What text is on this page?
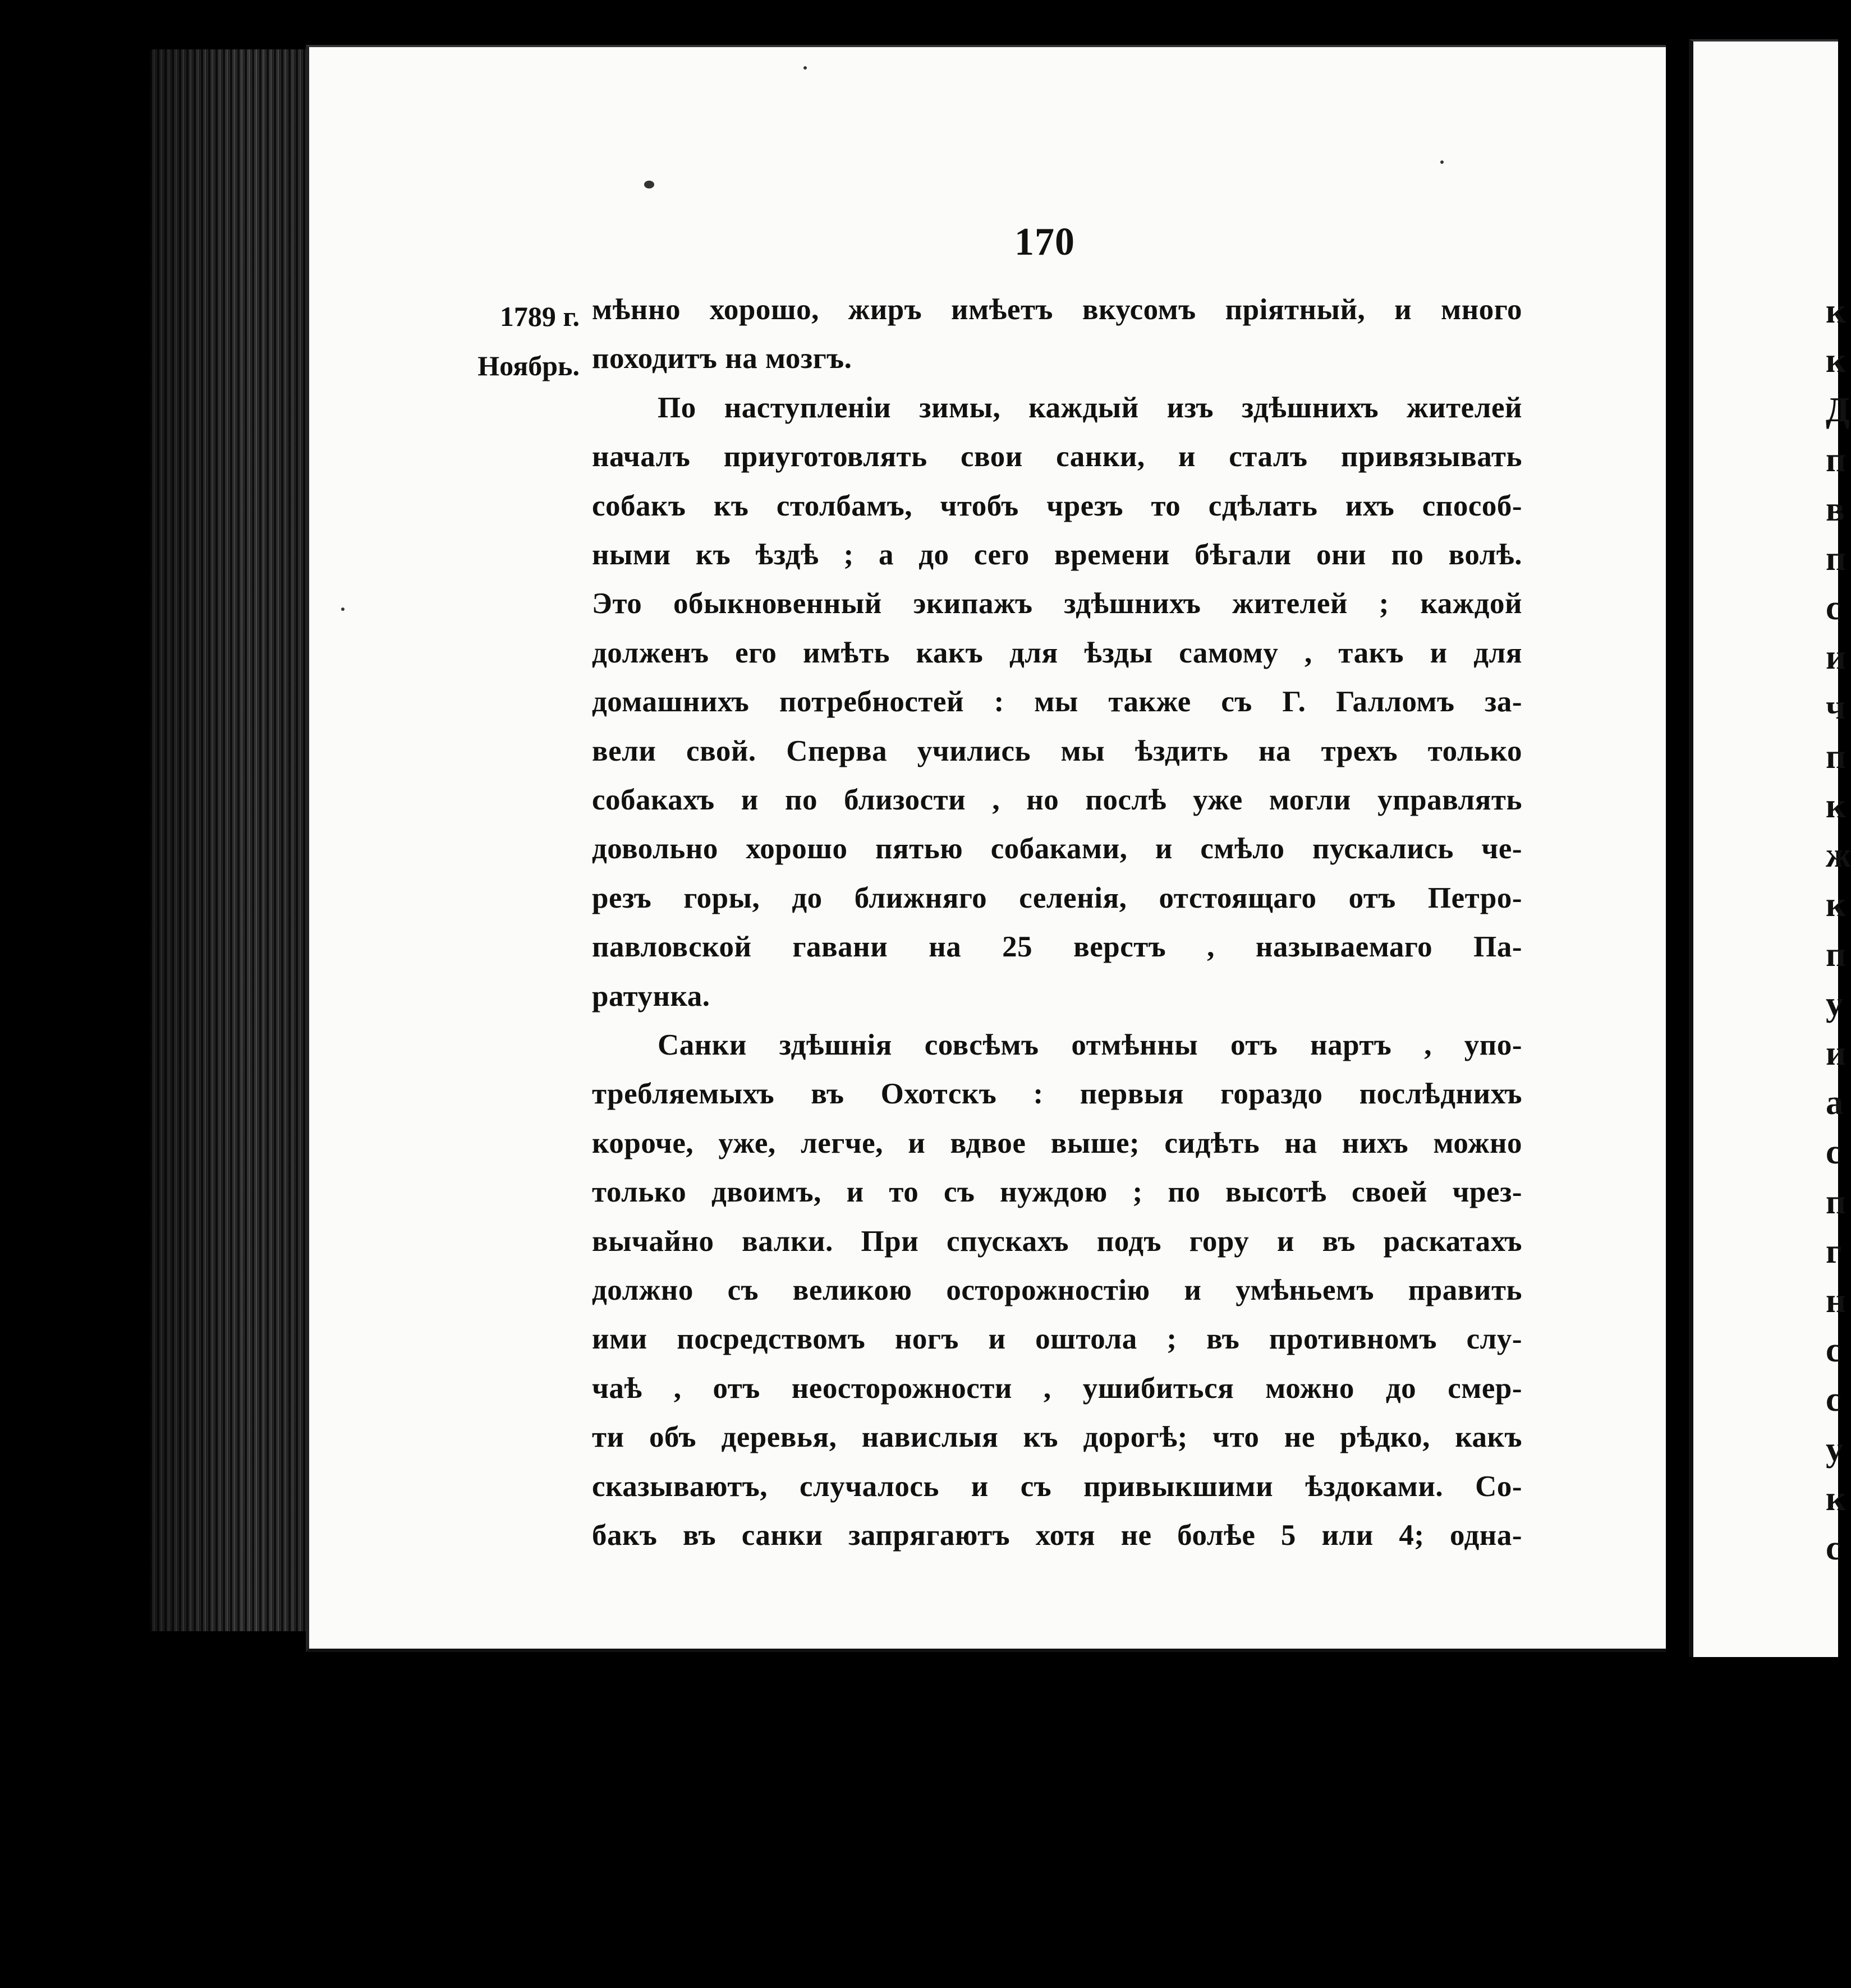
к
к
Д
п
в
п
с
и
ч
п
к
ж
к
п
у
и
а
с
п
г
н
с
с
у
к
с
170
1789 г.
Ноябрь.
мѣнно хорошо, жиръ имѣетъ вкусомъ пріятный, и много
походитъ на мозгъ.
По наступленіи зимы, каждый изъ здѣшнихъ жителей
началъ приуготовлять свои санки, и сталъ привязывать
собакъ къ столбамъ, чтобъ чрезъ то сдѣлать ихъ способ-
ными къ ѣздѣ ; а до сего времени бѣгали они по волѣ.
Это обыкновенный экипажъ здѣшнихъ жителей ; каждой
долженъ его имѣть какъ для ѣзды самому , такъ и для
домашнихъ потребностей : мы также съ Г. Галломъ за-
вели свой. Сперва учились мы ѣздить на трехъ только
собакахъ и по близости , но послѣ уже могли управлять
довольно хорошо пятью собаками, и смѣло пускались че-
резъ горы, до ближняго селенія, отстоящаго отъ Петро-
павловской гавани на 25 верстъ , называемаго Па-
ратунка.
Санки здѣшнія совсѣмъ отмѣнны отъ нартъ , упо-
требляемыхъ въ Охотскъ : первыя гораздо послѣднихъ
короче, уже, легче, и вдвое выше; сидѣть на нихъ можно
только двоимъ, и то съ нуждою ; по высотѣ своей чрез-
вычайно валки. При спускахъ подъ гору и въ раскатахъ
должно съ великою осторожностію и умѣньемъ править
ими посредствомъ ногъ и оштола ; въ противномъ слу-
чаѣ , отъ неосторожности , ушибиться можно до смер-
ти объ деревья, навислыя къ дорогѣ; что не рѣдко, какъ
сказываютъ, случалось и съ привыкшими ѣздоками. Со-
бакъ въ санки запрягаютъ хотя не болѣе 5 или 4; однa-
